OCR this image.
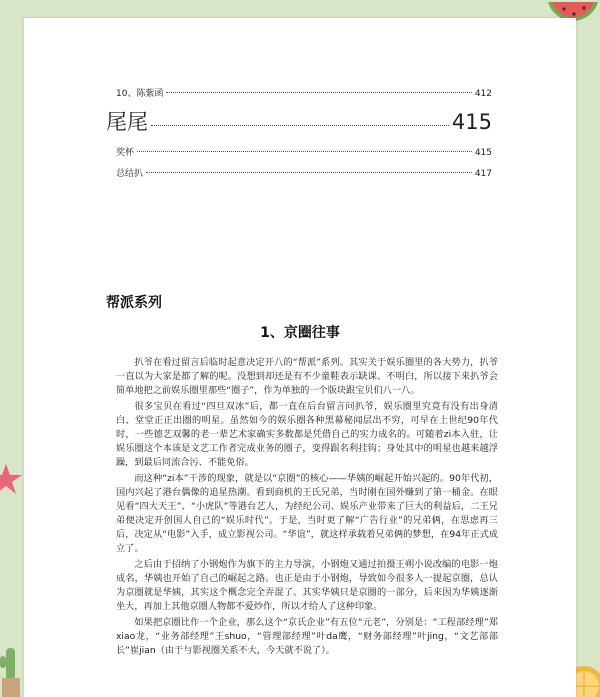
10、陈紫函	412
尾尾	415
奖杯	415
总结扒	417
帮派系列
1、京圈往事

扒爷在看过留言后临时起意决定开八的“帮派”系列。其实关于娱乐圈里的各大势力，扒爷一直以为大家是都了解的呢。没想到却还是有不少童鞋表示缺课、不明白，所以接下来扒爷会简单地把之前娱乐圈里那些“圈子”，作为单独的一个版块跟宝贝们八一八。

很多宝贝在看过“四旦双冰”后，都一直在后台留言问扒爷，娱乐圈里究竟有没有出身清白、堂堂正正出圈的明星。虽然如今的娱乐圈各种黑幕秘闻层出不穷，可早在上世纪90年代时，一些德艺双馨的老一辈艺术家确实多数都是凭借自己的实力成名的。可随着zi本入驻，让娱乐圈这个本该是文艺工作者完成业务的圈子，变得跟名利挂钩；身处其中的明星也越来越浮躁，到最后同流合污、不能免俗。

而这种“zi本”干涉的现象，就是以“京圈”的核心——华姨的崛起开始兴起的。90年代初，国内兴起了港台偶像的追星热潮。看到商机的王氏兄弟，当时刚在国外赚到了第一桶金。在眼见看“四大天王”、“小虎队”等港台艺人，为经纪公司、娱乐产业带来了巨大的利益后，二王兄弟便决定开创国人自己的“娱乐时代”。于是，当时更了解“广告行业”的兄弟俩，在思虑再三后，决定从“电影”入手，成立影视公司。“华谊”，就这样承载着兄弟俩的梦想，在94年正式成立了。

之后由于招纳了小钢炮作为旗下的主力导演，小钢炮又通过拍摄王朔小说改编的电影一炮成名，华姨也开始了自己的崛起之路。也正是由于小钢炮，导致如今很多人一提起京圈，总认为京圈就是华姨，其实这个概念完全弄混了。其实华姨只是京圈的一部分，后来因为华姨逐渐坐大，再加上其他京圈人物都不爱炒作，所以才给人了这种印象。

如果把京圈比作一个企业，那么这个“京氏企业”有五位“元老”，分别是：“工程部经理”郑xiao龙，“业务部经理”王shuo，“管理部经理”叶da鹰，“财务部经理”叶jing，“文艺部部长”崔jian（由于与影视圈关系不大，今天就不说了）。
